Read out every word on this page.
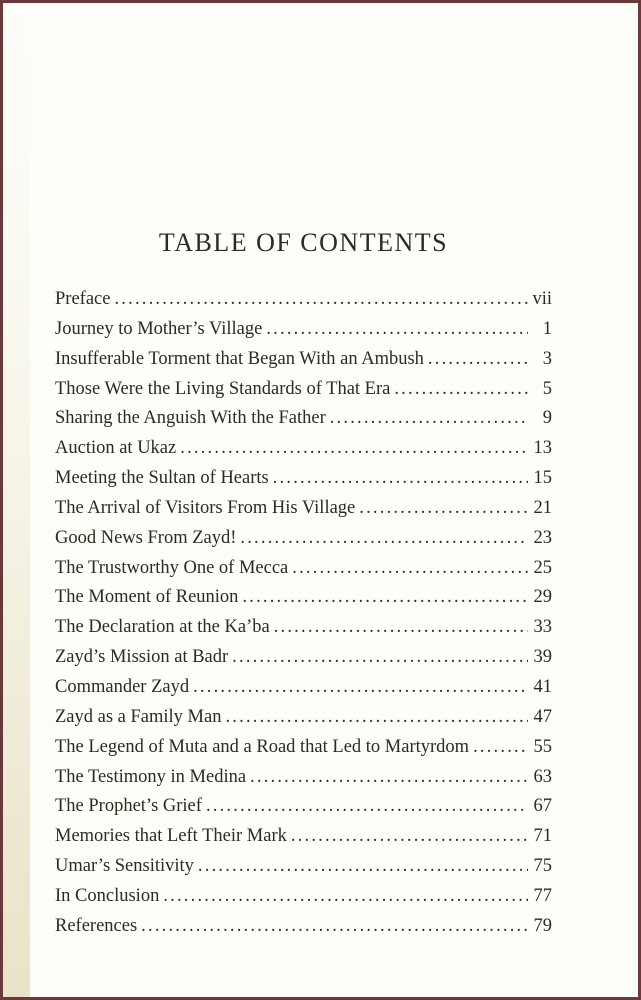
TABLE OF CONTENTS
Preface .....	vii
Journey to Mother’s Village .....	1
Insufferable Torment that Began With an Ambush .....	3
Those Were the Living Standards of That Era .....	5
Sharing the Anguish With the Father .....	9
Auction at Ukaz .....	13
Meeting the Sultan of Hearts .....	15
The Arrival of Visitors From His Village .....	21
Good News From Zayd! .....	23
The Trustworthy One of Mecca .....	25
The Moment of Reunion .....	29
The Declaration at the Ka’ba .....	33
Zayd’s Mission at Badr .....	39
Commander Zayd .....	41
Zayd as a Family Man .....	47
The Legend of Muta and a Road that Led to Martyrdom .....	55
The Testimony in Medina .....	63
The Prophet’s Grief .....	67
Memories that Left Their Mark .....	71
Umar’s Sensitivity .....	75
In Conclusion .....	77
References .....	79
